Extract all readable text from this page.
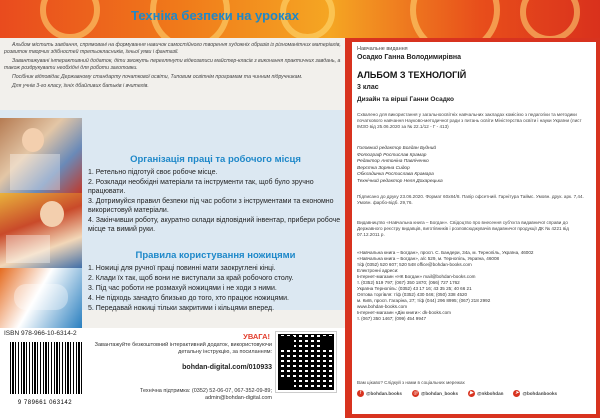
Альбом містить завдання, спрямовані на формування навичок самостійного творення художніх образів із різноманітних матеріалів, розвиток творчих здібностей третьокласників, їхньої уяви і фантазії.

Завантажувані інтерактивний додаток, діти зможуть переглянути відеозаписи майстер-класів з виконання практичних завдань, а також роздрукувати необхідні для роботи заготовки.

Посібник відповідає Державному стандарту початкової освіти, Типовим освітнім програмам та чинним підручникам.

Для учнів 3-го класу, їхніх дбайливих батьків і вчителів.

Техніка безпеки на уроках
Організація праці та робочого місця
1. Ретельно підготуй своє робоче місце.
2. Розклади необхідні матеріали та інструменти так, щоб було зручно працювати.
3. Дотримуйся правил безпеки під час роботи з інструментами та економно використовуй матеріали.
4. Закінчивши роботу, акуратно склади відповідний інвентар, прибери робоче місце та вимий руки.
Правила користування ножицями
1. Ножиці для ручної праці повинні мати заокруглені кінці.
2. Клади їх так, щоб вони не виступали за край робочого столу.
3. Під час роботи не розмахуй ножицями і не ходи з ними.
4. Не підходь занадто близько до того, хто працює ножицями.
5. Передавай ножиці тільки закритими і кільцями вперед.
ISBN 978-966-10-6314-2
9 789661 063142
УВАГА!
Завантажуйте безкоштовний інтерактивний додаток, використовуючи детальну інструкцію, за посиланням:
bohdan-digital.com/010933
Технічна підтримка: (0352) 52-06-07, 067-352-09-89;
admin@bohdan-digital.com
Навчальне видання
Осадко Ганна Володимирівна
АЛЬБОМ З ТЕХНОЛОГІЙ
3 клас
Дизайн та вірші Ганни Осадко
Схвалено для використання у загальноосвітніх навчальних закладах комісією з педагогіки та методики початкового навчання Науково-методичної ради з питань освіти Міністерства освіти і науки України (лист ІМЗО від 25.06.2020 за № 22.1/12 - Г - 413)
Головний редактор Богдан Будний
Фотограф Ростислав Крамар
Редактор Антоніна Павліченко
Верстка Зоряна Сидор
Обкладинка Ростислава Крамара
Технічний редактор Неля Дохарецька
Підписано до друку 23.06.2020. Формат 60х84/8. Папір офсетний. Гарнітура Таймс. Умовн. друк. арк. 7,44. Умовн. фарбо-відб. 29,76.
Видавництво «Навчальна книга – Богдан». Свідоцтво про внесення суб'єкта видавничої справи до Державного реєстру видавців, виготівників і розповсюджувачів видавничої продукції ДК № 4221 від 07.12.2011 р.
«Навчальна книга – Богдан», просп. С. Бандери, 34а, м. Тернопіль, Україна, 46002
«Навчальна книга – Богдан», а/с 529, м. Тернопіль, Україна, 46008
т/ф (0352) 520 607; 520 548 office@bohdan-books.com
Електронні адреси:
Інтернет-магазин «НК Богдан» mail@bohdan-books.com
т. (0352) 519 797; (067) 350 1870; (066) 727 1762
Україна Тернопіль: (0352) 43 17 16; 43 35 25; 40 66 21
Оптова торгівля: т/ф (0352) 430 046; (050) 338 4520
м. Київ, просп. Гагаріна, 27; т/ф (044) 296 8995; (067) 218 2992
www.bohdan-books.com
Інтернет-магазин «Дім книги»: dk-books.com
т. (067) 350 1467; (099) 454 9947
Вам цікаво? Слідкуй з нами в соціальних мережах
f	@bohdan.books ◎ @bohdan_books	▶ @nkbohdan ➤ @bohdanbooks
